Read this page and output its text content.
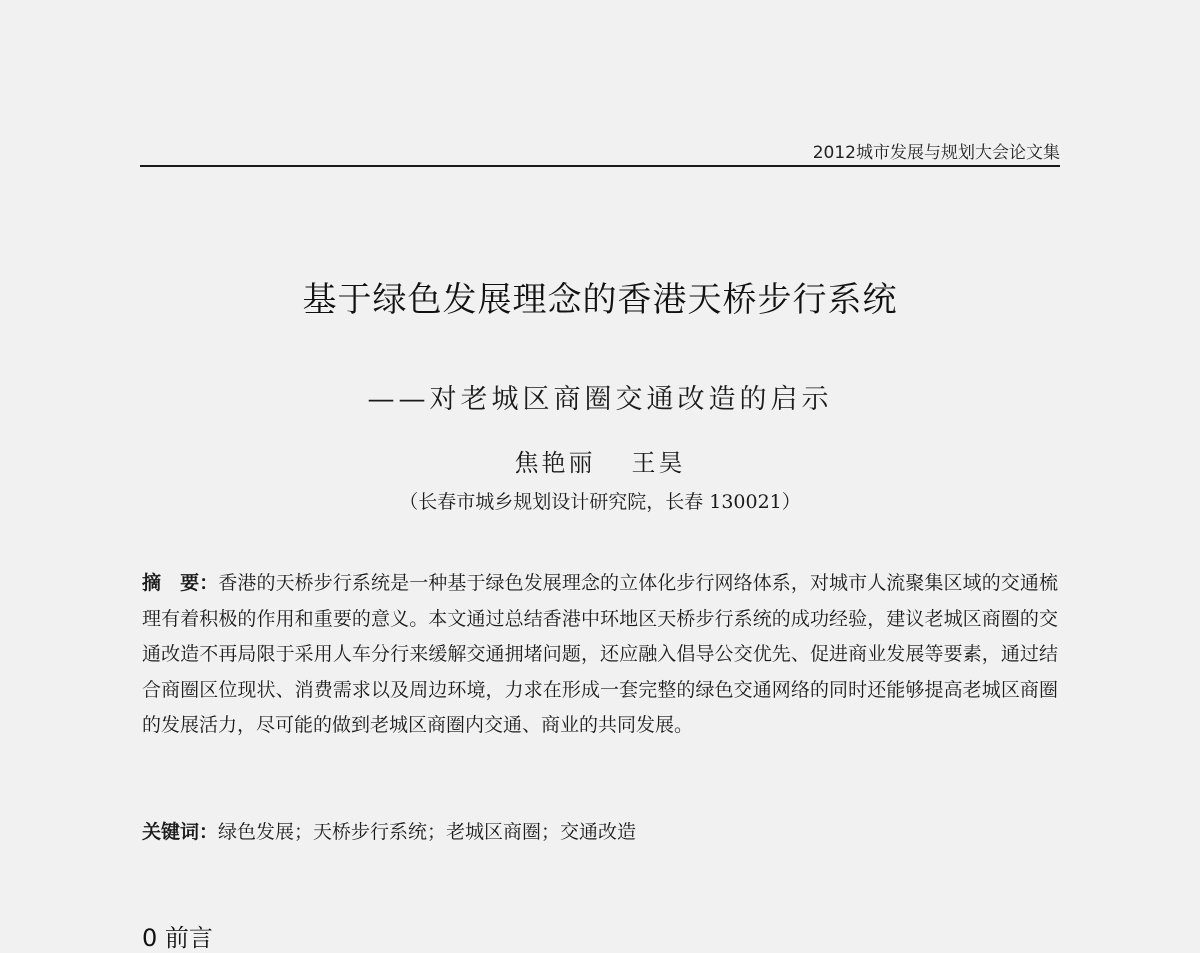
2012城市发展与规划大会论文集
基于绿色发展理念的香港天桥步行系统
——对老城区商圈交通改造的启示
焦艳丽 王昊
（长春市城乡规划设计研究院，长春 130021）
摘　要：香港的天桥步行系统是一种基于绿色发展理念的立体化步行网络体系，对城市人流聚集区域的交通梳理有着积极的作用和重要的意义。本文通过总结香港中环地区天桥步行系统的成功经验，建议老城区商圈的交通改造不再局限于采用人车分行来缓解交通拥堵问题，还应融入倡导公交优先、促进商业发展等要素，通过结合商圈区位现状、消费需求以及周边环境，力求在形成一套完整的绿色交通网络的同时还能够提高老城区商圈的发展活力，尽可能的做到老城区商圈内交通、商业的共同发展。
关键词：绿色发展；天桥步行系统；老城区商圈；交通改造
0 前言
